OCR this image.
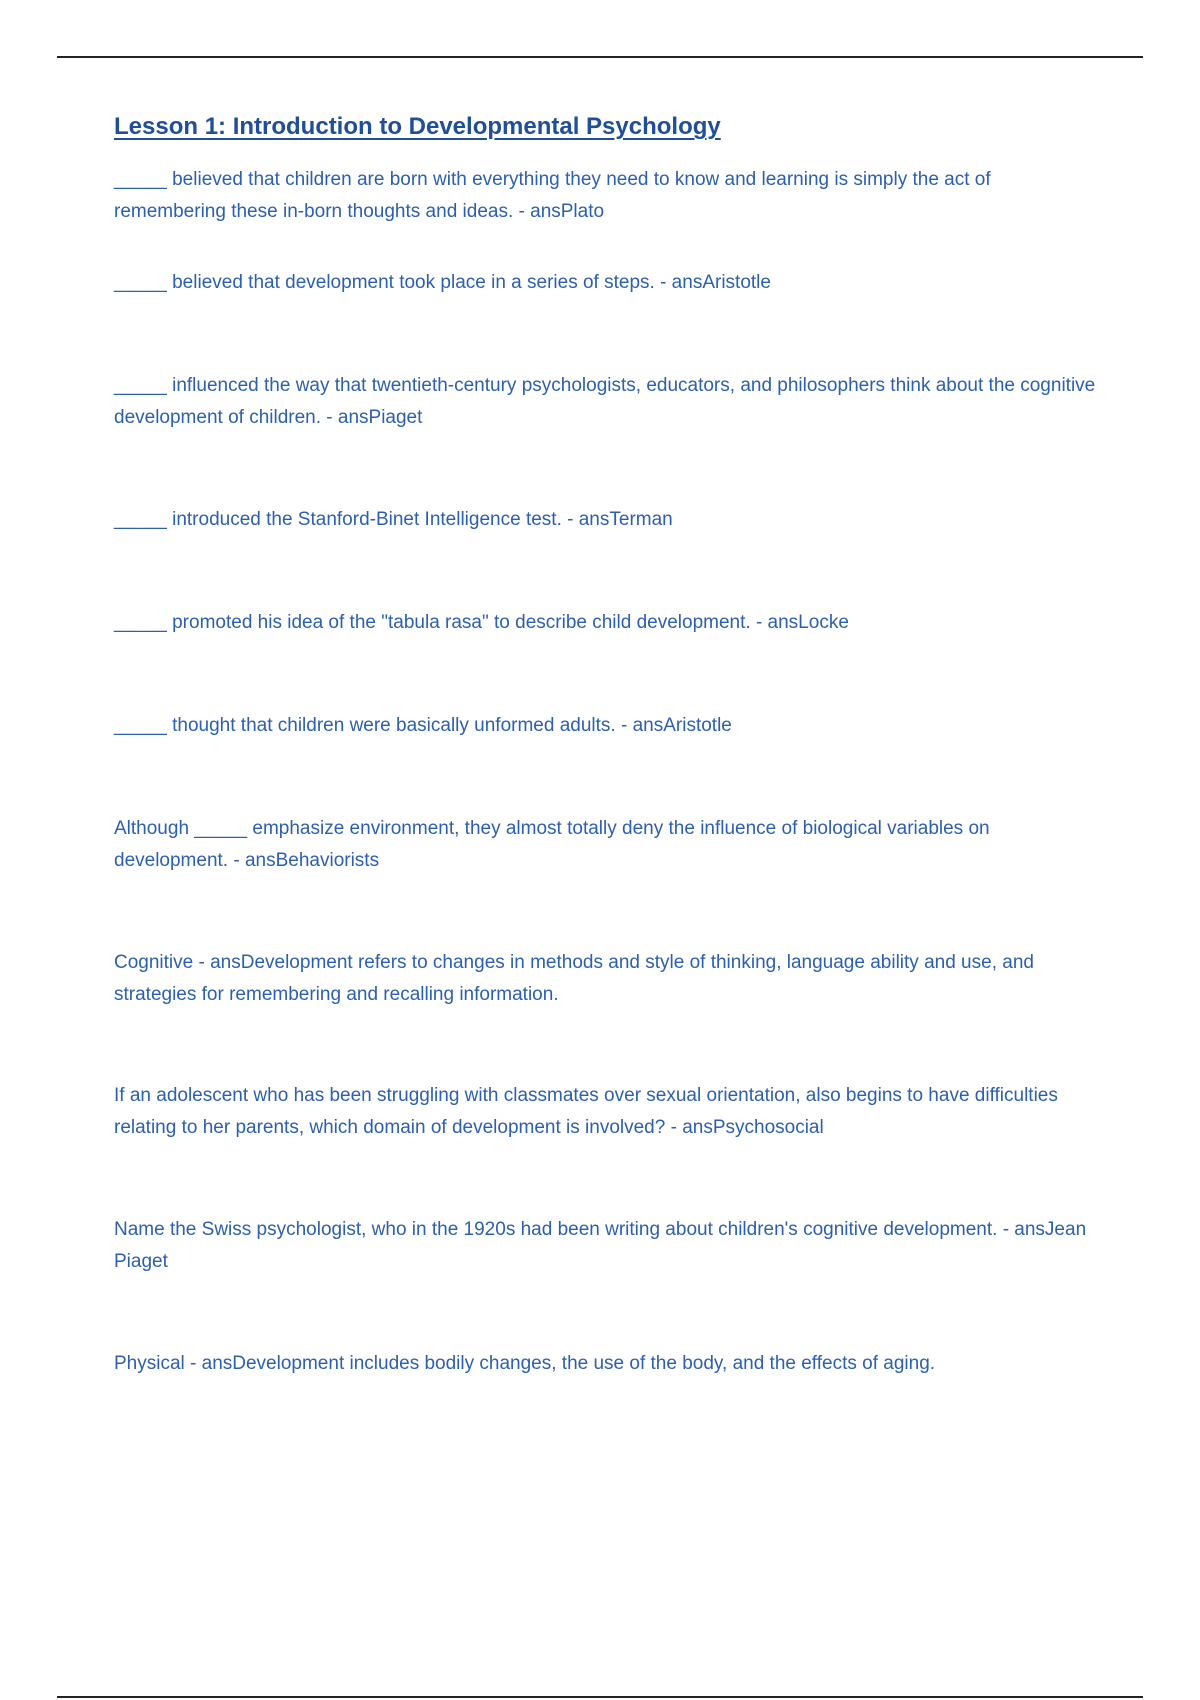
Lesson 1: Introduction to Developmental Psychology

_____ believed that children are born with everything they need to know and learning is simply the act of remembering these in-born thoughts and ideas. - ansPlato

_____ believed that development took place in a series of steps. - ansAristotle

_____ influenced the way that twentieth-century psychologists, educators, and philosophers think about the cognitive development of children. - ansPiaget

_____ introduced the Stanford-Binet Intelligence test. - ansTerman

_____ promoted his idea of the "tabula rasa" to describe child development. - ansLocke

_____ thought that children were basically unformed adults. - ansAristotle

Although _____ emphasize environment, they almost totally deny the influence of biological variables on development. - ansBehaviorists

Cognitive - ansDevelopment refers to changes in methods and style of thinking, language ability and use, and strategies for remembering and recalling information.

If an adolescent who has been struggling with classmates over sexual orientation, also begins to have difficulties relating to her parents, which domain of development is involved? - ansPsychosocial

Name the Swiss psychologist, who in the 1920s had been writing about children's cognitive development. - ansJean Piaget

Physical - ansDevelopment includes bodily changes, the use of the body, and the effects of aging.
